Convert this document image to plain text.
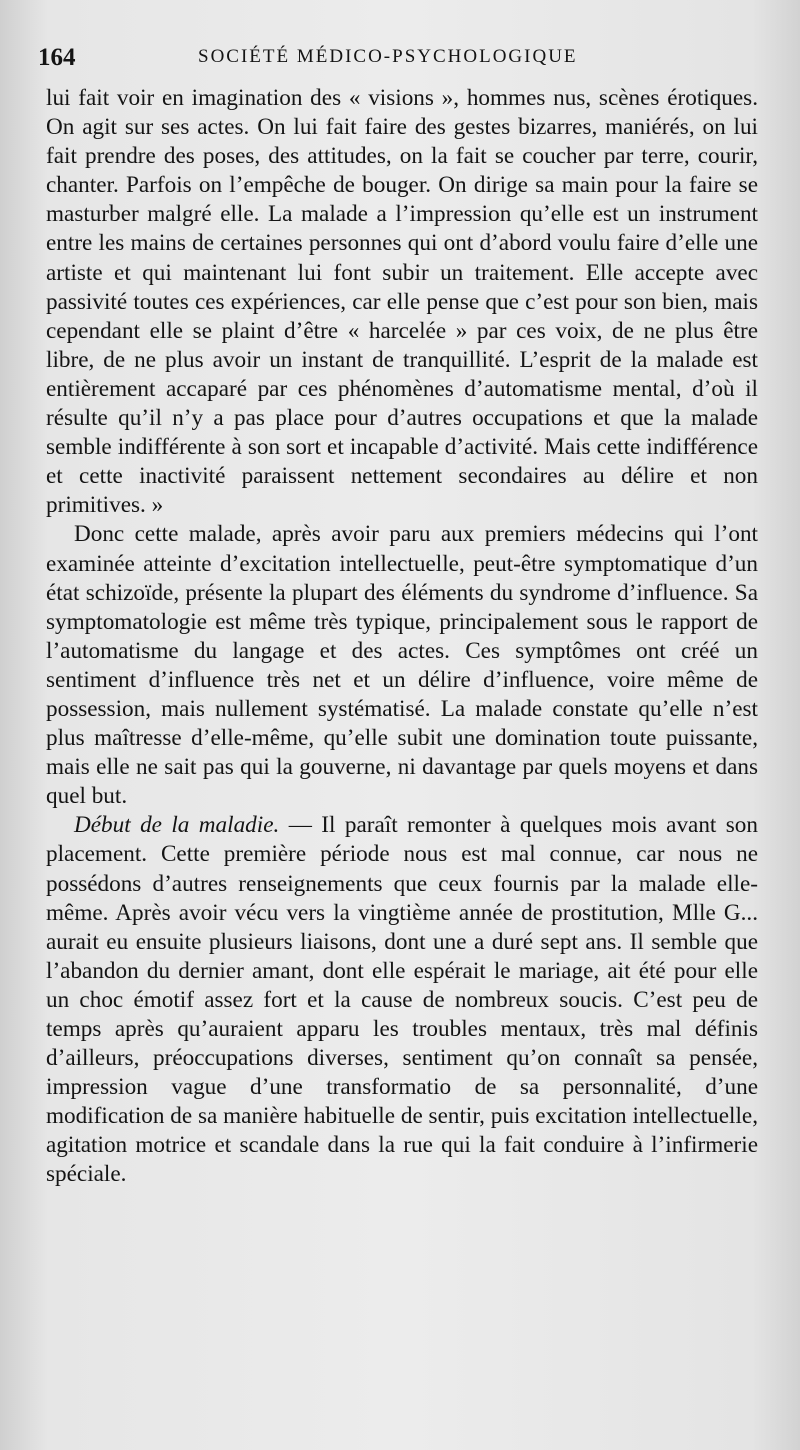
164	SOCIÉTÉ MÉDICO-PSYCHOLOGIQUE

lui fait voir en imagination des « visions », hommes nus, scènes érotiques. On agit sur ses actes. On lui fait faire des gestes bizarres, maniérés, on lui fait prendre des poses, des attitudes, on la fait se coucher par terre, courir, chanter. Parfois on l’empêche de bouger. On dirige sa main pour la faire se masturber malgré elle. La malade a l’impression qu’elle est un instrument entre les mains de certaines personnes qui ont d’abord voulu faire d’elle une artiste et qui maintenant lui font subir un traitement. Elle accepte avec passivité toutes ces expériences, car elle pense que c’est pour son bien, mais cependant elle se plaint d’être « harcelée » par ces voix, de ne plus être libre, de ne plus avoir un instant de tranquillité. L’esprit de la malade est entièrement accaparé par ces phénomènes d’automatisme mental, d’où il résulte qu’il n’y a pas place pour d’autres occupations et que la malade semble indifférente à son sort et incapable d’activité. Mais cette indifférence et cette inactivité paraissent nettement secondaires au délire et non primitives. »

Donc cette malade, après avoir paru aux premiers médecins qui l’ont examinée atteinte d’excitation intellectuelle, peut-être symptomatique d’un état schizoïde, présente la plupart des éléments du syndrome d’influence. Sa symptomatologie est même très typique, principalement sous le rapport de l’automatisme du langage et des actes. Ces symptômes ont créé un sentiment d’influence très net et un délire d’influence, voire même de possession, mais nullement systématisé. La malade constate qu’elle n’est plus maîtresse d’elle-même, qu’elle subit une domination toute puissante, mais elle ne sait pas qui la gouverne, ni davantage par quels moyens et dans quel but.

Début de la maladie. — Il paraît remonter à quelques mois avant son placement. Cette première période nous est mal connue, car nous ne possédons d’autres renseignements que ceux fournis par la malade elle-même. Après avoir vécu vers la vingtième année de prostitution, Mlle G... aurait eu ensuite plusieurs liaisons, dont une a duré sept ans. Il semble que l’abandon du dernier amant, dont elle espérait le mariage, ait été pour elle un choc émotif assez fort et la cause de nombreux soucis. C’est peu de temps après qu’auraient apparu les troubles mentaux, très mal définis d’ailleurs, préoccupations diverses, sentiment qu’on connaît sa pensée, impression vague d’une transformatio de sa personnalité, d’une modification de sa manière habituelle de sentir, puis excitation intellectuelle, agitation motrice et scandale dans la rue qui la fait conduire à l’infirmerie spéciale.
